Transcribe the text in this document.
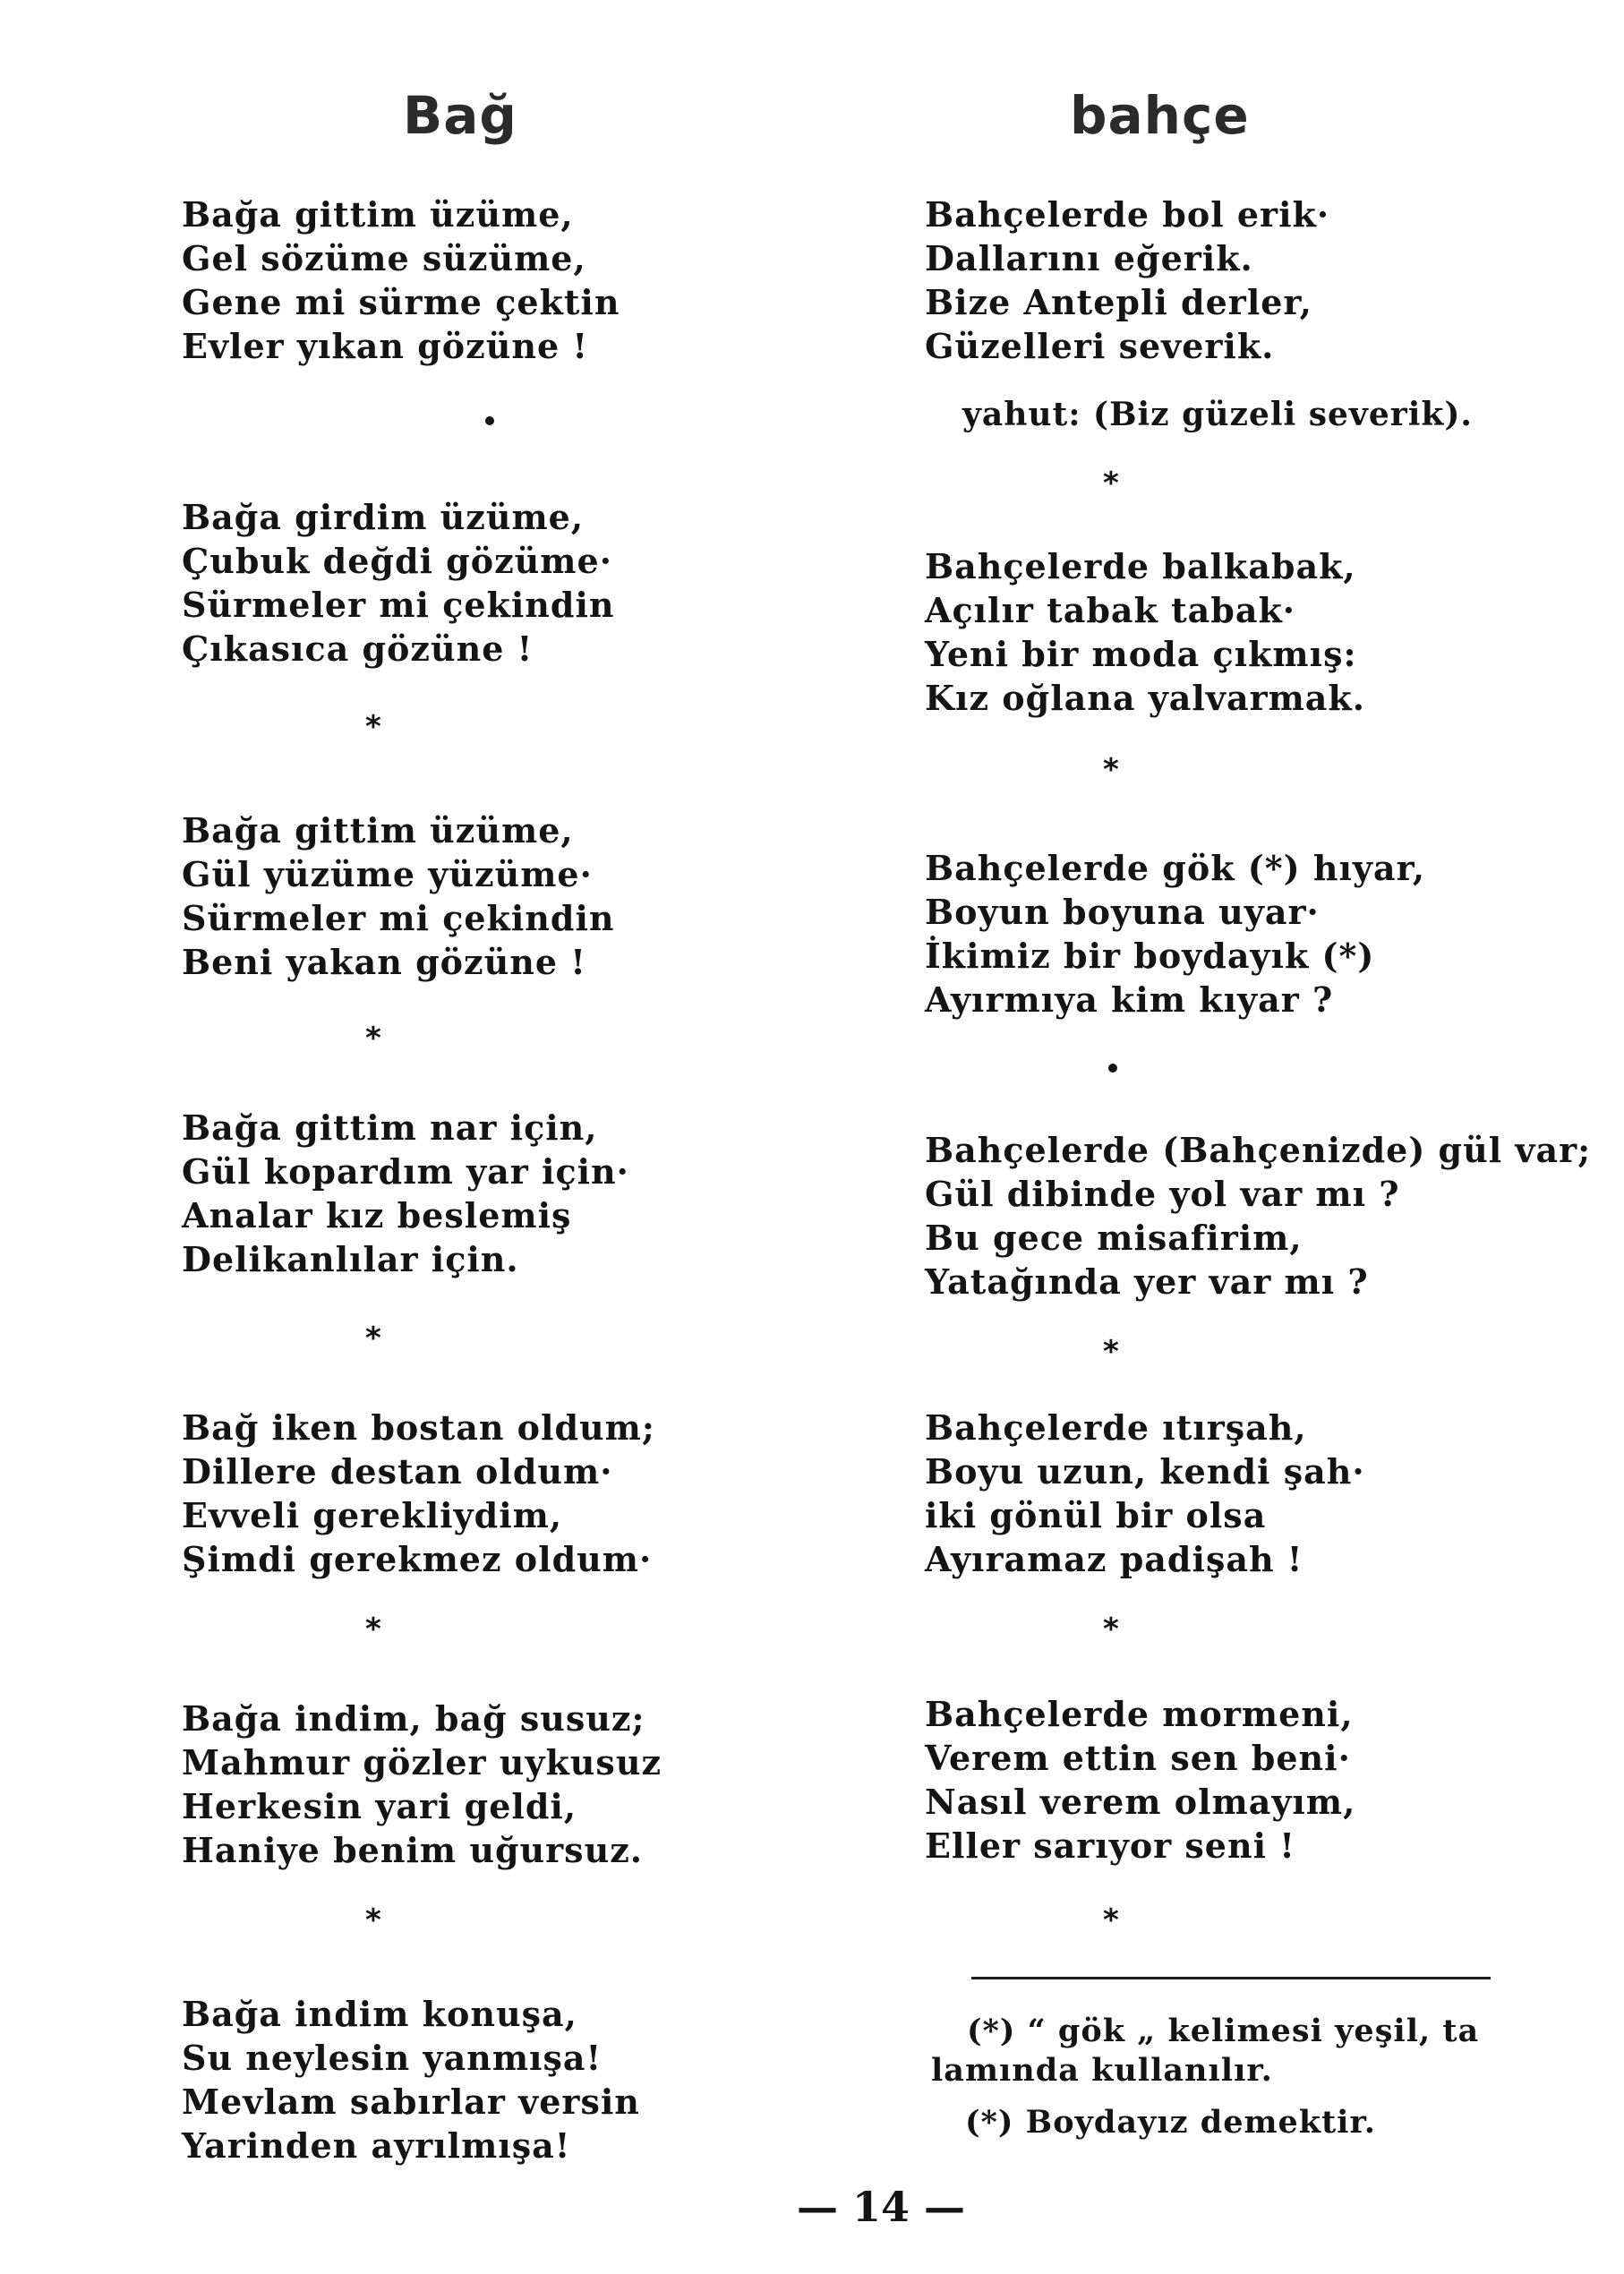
Bağ	bahçe
Bağa gittim üzüme,
Gel sözüme süzüme,
Gene mi sürme çektin
Evler yıkan gözüne !
Bağa girdim üzüme,
Çubuk değdi gözüme·
Sürmeler mi çekindin
Çıkasıca gözüne !
*
Bağa gittim üzüme,
Gül yüzüme yüzüme·
Sürmeler mi çekindin
Beni yakan gözüne !
*
Bağa gittim nar için,
Gül kopardım yar için·
Analar kız beslemiş
Delikanlılar için.
*
Bağ iken bostan oldum;
Dillere destan oldum·
Evveli gerekliydim,
Şimdi gerekmez oldum·
*
Bağa indim, bağ susuz;
Mahmur gözler uykusuz
Herkesin yari geldi,
Haniye benim uğursuz.
*
Bağa indim konuşa,
Su neylesin yanmışa!
Mevlam sabırlar versin
Yarinden ayrılmışa!
Bahçelerde bol erik·
Dallarını eğerik.
Bize Antepli derler,
Güzelleri severik.
yahut: (Biz güzeli severik).
*
Bahçelerde balkabak,
Açılır tabak tabak·
Yeni bir moda çıkmış:
Kız oğlana yalvarmak.
*
Bahçelerde gök (*) hıyar,
Boyun boyuna uyar·
İkimiz bir boydayık (*)
Ayırmıya kim kıyar ?
Bahçelerde (Bahçenizde) gül var;
Gül dibinde yol var mı ?
Bu gece misafirim,
Yatağında yer var mı ?
*
Bahçelerde ıtırşah,
Boyu uzun, kendi şah·
iki gönül bir olsa
Ayıramaz padişah !
*
Bahçelerde mormeni,
Verem ettin sen beni·
Nasıl verem olmayım,
Eller sarıyor seni !
*
(*) “ gök „ kelimesi yeşil, ta
lamında kullanılır.
(*) Boydayız demektir.
— 14 —
